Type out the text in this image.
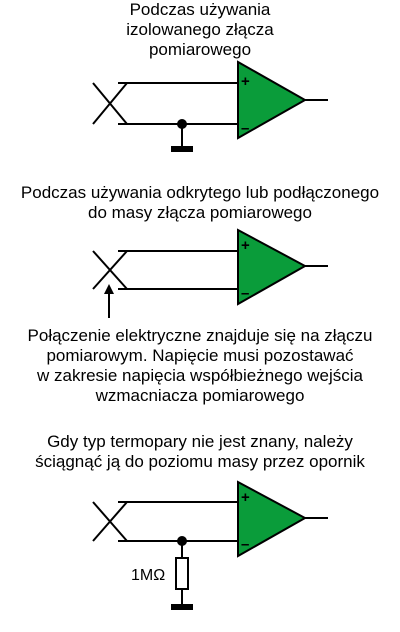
Podczas używania
izolowanego złącza
pomiarowego
Podczas używania odkrytego lub podłączonego
do masy złącza pomiarowego
Połączenie elektryczne znajduje się na złączu
pomiarowym. Napięcie musi pozostawać
w zakresie napięcia współbieżnego wejścia
wzmacniacza pomiarowego
Gdy typ termopary nie jest znany, należy
ściągnąć ją do poziomu masy przez opornik
+
–
+
–
1MΩ
+
–
